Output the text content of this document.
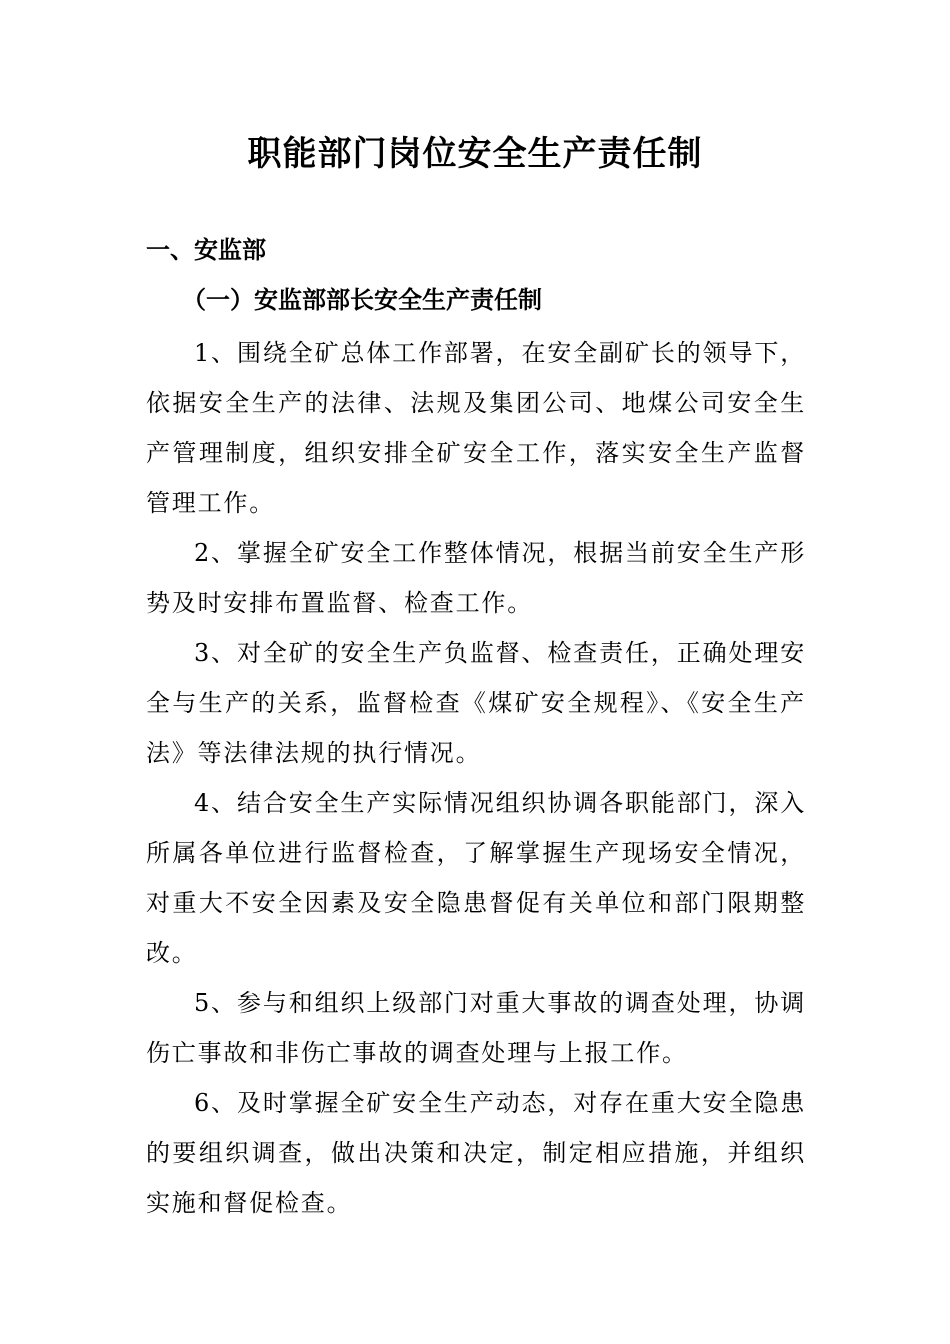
职能部门岗位安全生产责任制
一、安监部
（一）安监部部长安全生产责任制

1、围绕全矿总体工作部署，在安全副矿长的领导下，依据安全生产的法律、法规及集团公司、地煤公司安全生产管理制度，组织安排全矿安全工作，落实安全生产监督管理工作。

2、掌握全矿安全工作整体情况，根据当前安全生产形势及时安排布置监督、检查工作。

3、对全矿的安全生产负监督、检查责任，正确处理安全与生产的关系，监督检查《煤矿安全规程》、《安全生产法》等法律法规的执行情况。

4、结合安全生产实际情况组织协调各职能部门，深入所属各单位进行监督检查，了解掌握生产现场安全情况，对重大不安全因素及安全隐患督促有关单位和部门限期整改。

5、参与和组织上级部门对重大事故的调查处理，协调伤亡事故和非伤亡事故的调查处理与上报工作。

6、及时掌握全矿安全生产动态，对存在重大安全隐患的要组织调查，做出决策和决定，制定相应措施，并组织实施和督促检查。
